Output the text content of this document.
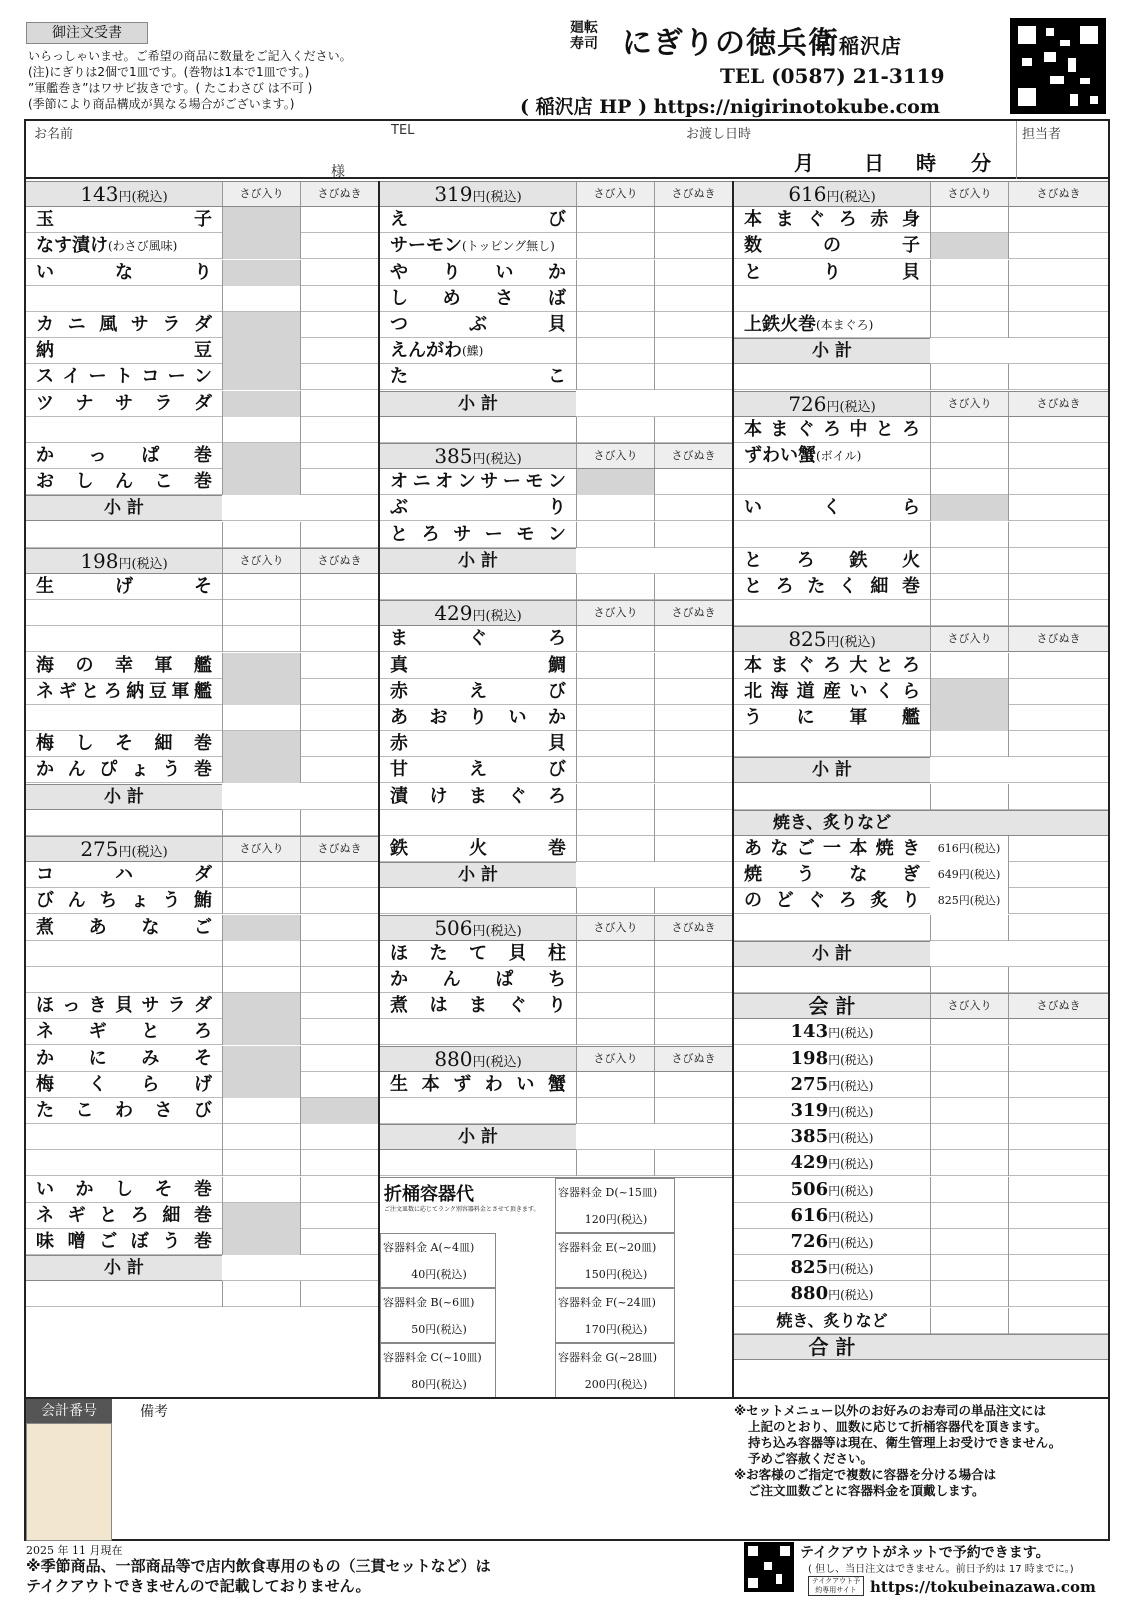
御注文受書
いらっしゃいませ。ご希望の商品に数量をご記入ください。
(注)にぎりは2個で1皿です。(巻物は1本で1皿です。)
”軍艦巻き”はワサビ抜きです。( たこわさび は不可 )
(季節により商品構成が異なる場合がございます。)
廻転
寿司 にぎりの徳兵衛稲沢店
TEL (0587) 21-3119
( 稲沢店 HP ) https://nigirinotokube.com
お名前	TEL	お渡し日時	担当者
様	月	日 時 分
143円(税込)	さび入り	さびぬき
玉	子
なす漬け (わさび風味)
い	な	り
カ ニ 風 サ ラ ダ
納	豆
ス イ ー ト コ ー ン
ツ ナ サ ラ ダ
か っ ぱ 巻
お し ん こ 巻
小 計
198円(税込)	さび入り	さびぬき
生	げ	そ
海 の 幸 軍 艦
ネ ギ と ろ 納 豆 軍 艦
梅 し そ 細 巻
か ん ぴ ょ う 巻
小 計
275円(税込)	さび入り	さびぬき
コ	ハ	ダ
び ん ち ょ う 鮪
煮 あ な ご
ほ っ き 貝 サ ラ ダ
ネ ギ と ろ
か に み そ
梅 く ら げ
た こ わ さ び
い か し そ 巻
ネ ギ と ろ 細 巻
味 噌 ご ぼ う 巻
小 計
319円(税込)	さび入り	さびぬき
え	び
サーモン (トッピング無し)
や り い か
し め さ ば
つ	ぶ	貝
えんがわ (鰈)
た	こ
小 計
385円(税込)	さび入り	さびぬき
オ ニ オ ン サ ー モ ン
ぶ	り
と ろ サ ー モ ン
小 計
429円(税込)	さび入り	さびぬき
ま	ぐ	ろ
真	鯛
赤	え	び
あ お り い か
赤	貝
甘	え	び
漬 け ま ぐ ろ
鉄	火	巻
小 計
506円(税込)	さび入り	さびぬき
ほ た て 貝 柱
か ん ぱ ち
煮 は ま ぐ り
880円(税込)	さび入り	さびぬき
生 本 ず わ い 蟹
小 計
折桶容器代
ご注文皿数に応じてランク別容器料金とさせて頂きます。
容器料金 A(~4皿)
40円(税込)
容器料金 B(~6皿)
50円(税込)
容器料金 C(~10皿)
80円(税込)
容器料金 D(~15皿)
120円(税込)
容器料金 E(~20皿)
150円(税込)
容器料金 F(~24皿)
170円(税込)
容器料金 G(~28皿)
200円(税込)
616円(税込)	さび入り	さびぬき
本 ま ぐ ろ 赤 身
数	の	子
と	り	貝
上鉄火巻 (本まぐろ)
小 計
726円(税込)	さび入り	さびぬき
本 ま ぐ ろ 中 と ろ
ずわい蟹 (ボイル)
い	く	ら
と ろ 鉄 火
と ろ た く 細 巻
825円(税込)	さび入り	さびぬき
本 ま ぐ ろ 大 と ろ
北 海 道 産 い く ら
う に 軍 艦
小 計
焼き、炙りなど
あ な ご 一 本 焼 き	616円(税込)
焼 う な ぎ	649円(税込)
の ど ぐ ろ 炙 り	825円(税込)
小 計
会 計	さび入り	さびぬき
143円(税込)
198円(税込)
275円(税込)
319円(税込)
385円(税込)
429円(税込)
506円(税込)
616円(税込)
726円(税込)
825円(税込)
880円(税込)
焼き、炙りなど
合 計
会計番号	備考	※セットメニュー以外のお好みのお寿司の単品注文には
上記のとおり、皿数に応じて折桶容器代を頂きます。
持ち込み容器等は現在、衛生管理上お受けできません。
予めご容赦ください。
※お客様のご指定で複数に容器を分ける場合は
ご注文皿数ごとに容器料金を頂戴します。
2025 年 11 月現在
※季節商品、一部商品等で店内飲食専用のもの（三貫セットなど）は
テイクアウトできませんので記載しておりません。
テイクアウトがネットで予約できます。
( 但し、当日注文はできません。前日予約は 17 時までに。)
テイクアウト予約専用サイト https://tokubeinazawa.com
